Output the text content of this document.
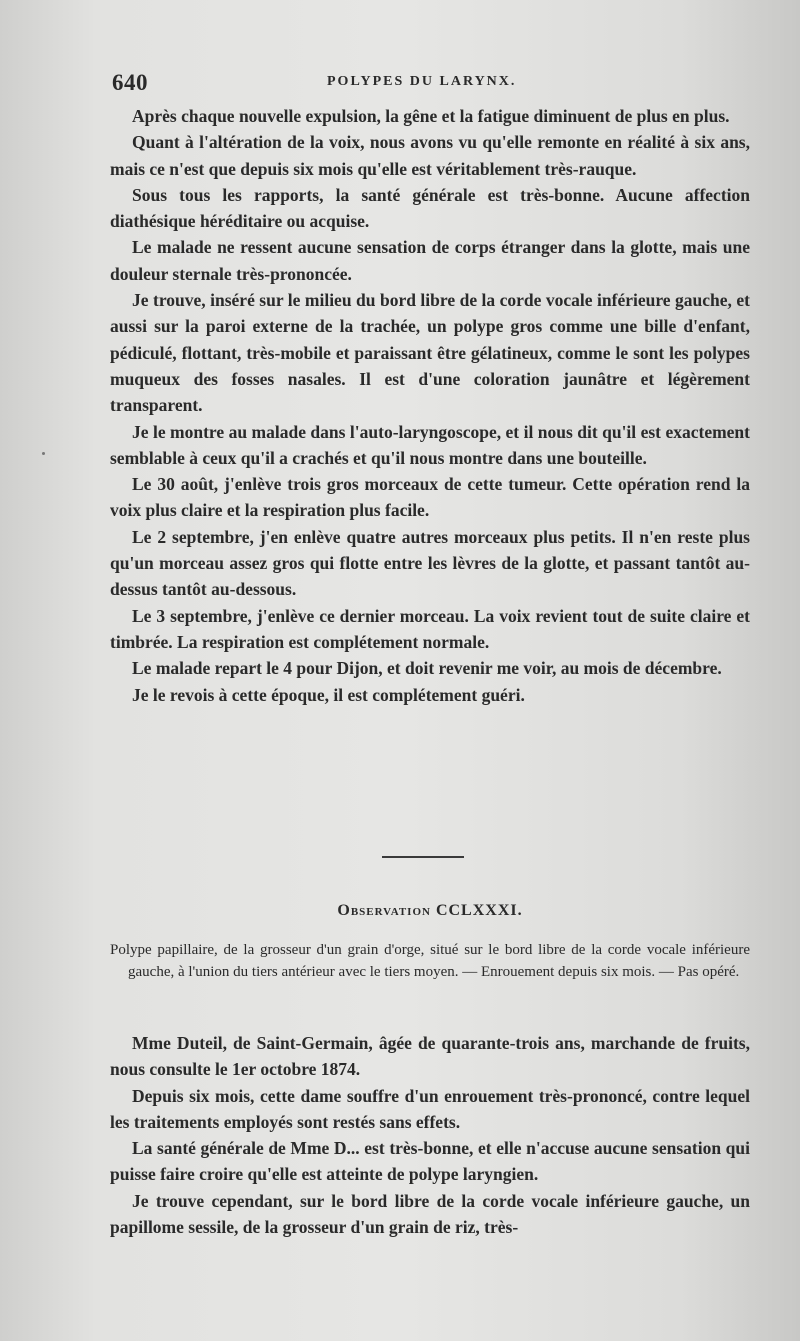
640	POLYPES DU LARYNX.

Après chaque nouvelle expulsion, la gêne et la fatigue diminuent de plus en plus.

Quant à l'altération de la voix, nous avons vu qu'elle remonte en réalité à six ans, mais ce n'est que depuis six mois qu'elle est véritablement très-rauque.

Sous tous les rapports, la santé générale est très-bonne. Aucune affection diathésique héréditaire ou acquise.

Le malade ne ressent aucune sensation de corps étranger dans la glotte, mais une douleur sternale très-prononcée.

Je trouve, inséré sur le milieu du bord libre de la corde vocale inférieure gauche, et aussi sur la paroi externe de la trachée, un polype gros comme une bille d'enfant, pédiculé, flottant, très-mobile et paraissant être gélatineux, comme le sont les polypes muqueux des fosses nasales. Il est d'une coloration jaunâtre et légèrement transparent.

Je le montre au malade dans l'auto-laryngoscope, et il nous dit qu'il est exactement semblable à ceux qu'il a crachés et qu'il nous montre dans une bouteille.

Le 30 août, j'enlève trois gros morceaux de cette tumeur. Cette opération rend la voix plus claire et la respiration plus facile.

Le 2 septembre, j'en enlève quatre autres morceaux plus petits. Il n'en reste plus qu'un morceau assez gros qui flotte entre les lèvres de la glotte, et passant tantôt au-dessus tantôt au-dessous.

Le 3 septembre, j'enlève ce dernier morceau. La voix revient tout de suite claire et timbrée. La respiration est complétement normale.

Le malade repart le 4 pour Dijon, et doit revenir me voir, au mois de décembre.

Je le revois à cette époque, il est complétement guéri.

Observation CCLXXXI.
Polype papillaire, de la grosseur d'un grain d'orge, situé sur le bord libre de la corde vocale inférieure gauche, à l'union du tiers antérieur avec le tiers moyen. — Enrouement depuis six mois. — Pas opéré.

Mme Duteil, de Saint-Germain, âgée de quarante-trois ans, marchande de fruits, nous consulte le 1er octobre 1874.

Depuis six mois, cette dame souffre d'un enrouement très-prononcé, contre lequel les traitements employés sont restés sans effets.

La santé générale de Mme D... est très-bonne, et elle n'accuse aucune sensation qui puisse faire croire qu'elle est atteinte de polype laryngien.

Je trouve cependant, sur le bord libre de la corde vocale inférieure gauche, un papillome sessile, de la grosseur d'un grain de riz, très-
